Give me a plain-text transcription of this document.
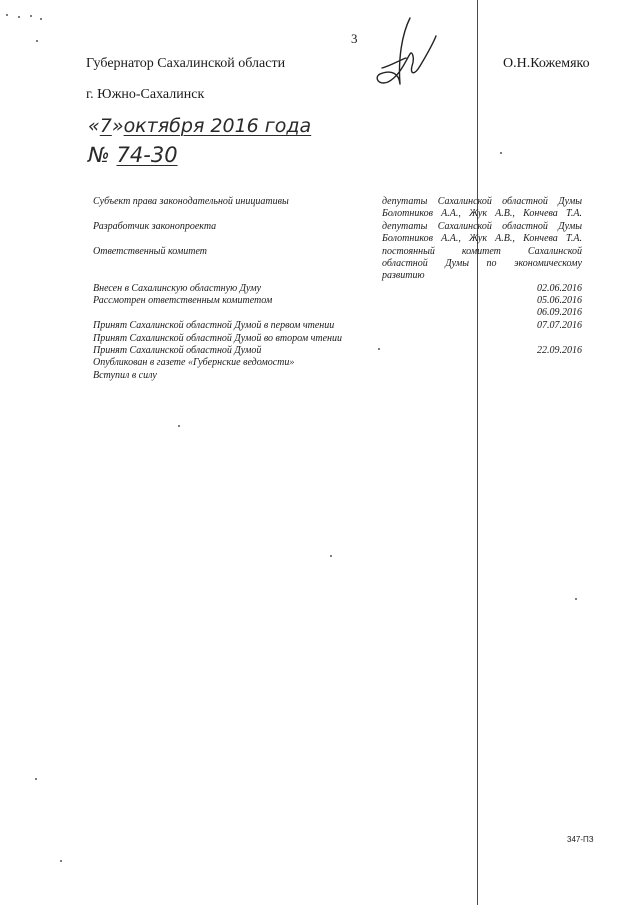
3
Губернатор Сахалинской области	О.Н.Кожемяко
г. Южно-Сахалинск
«7»октября 2016 года
№ 74-30
Субъект права законодательной инициативы	депутаты Сахалинской областной Думы
Болотников А.А., Жук А.В., Кончева Т.А.
Разработчик законопроекта	депутаты Сахалинской областной Думы
Болотников А.А., Жук А.В., Кончева Т.А.
Ответственный комитет	постоянный комитет Сахалинской
областной Думы по экономическому
развитию
Внесен в Сахалинскую областную Думу	02.06.2016
Рассмотрен ответственным комитетом	05.06.2016
06.09.2016
Принят Сахалинской областной Думой в первом чтении	07.07.2016
Принят Сахалинской областной Думой во втором чтении
Принят Сахалинской областной Думой	22.09.2016
Опубликован в газете «Губернские ведомости»
Вступил в силу
347-ПЗ
